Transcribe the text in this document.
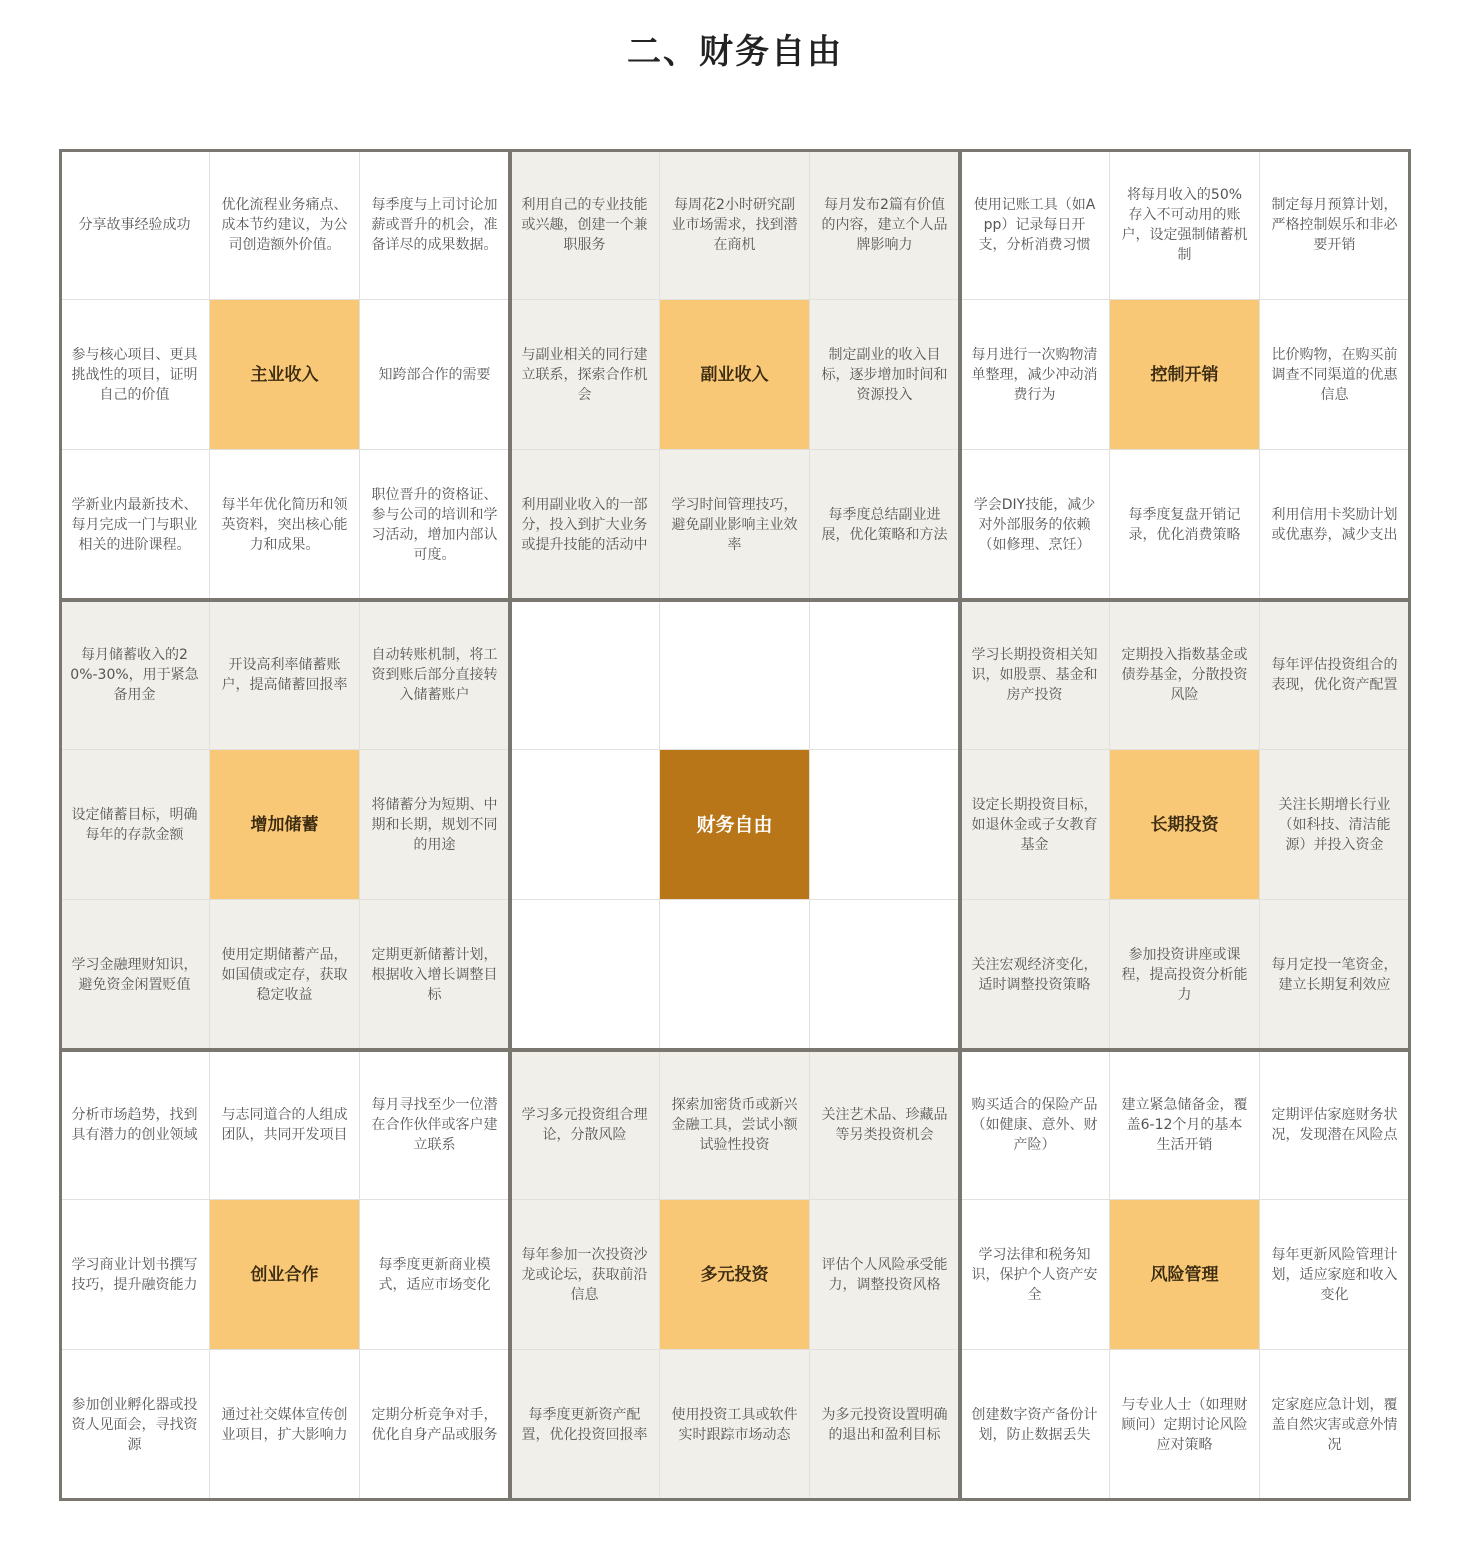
二、财务自由
主业收入
分享故事经验成功
优化流程业务痛点、成本节约建议，为公司创造额外价值。
每季度与上司讨论加薪或晋升的机会，准备详尽的成果数据。
参与核心项目、更具挑战性的项目，证明自己的价值
知跨部合作的需要
学新业内最新技术、每月完成一门与职业相关的进阶课程。
每半年优化简历和领英资料，突出核心能力和成果。
职位晋升的资格证、参与公司的培训和学习活动，增加内部认可度。
副业收入
利用自己的专业技能或兴趣，创建一个兼职服务
每周花2小时研究副业市场需求，找到潜在商机
每月发布2篇有价值的内容，建立个人品牌影响力
与副业相关的同行建立联系，探索合作机会
制定副业的收入目标，逐步增加时间和资源投入
利用副业收入的一部分，投入到扩大业务或提升技能的活动中
学习时间管理技巧，避免副业影响主业效率
每季度总结副业进展，优化策略和方法
控制开销
使用记账工具（如App）记录每日开支，分析消费习惯
将每月收入的50%存入不可动用的账户，设定强制储蓄机制
制定每月预算计划，严格控制娱乐和非必要开销
每月进行一次购物清单整理，减少冲动消费行为
比价购物，在购买前调查不同渠道的优惠信息
学会DIY技能，减少对外部服务的依赖（如修理、烹饪）
每季度复盘开销记录，优化消费策略
利用信用卡奖励计划或优惠券，减少支出
增加储蓄
每月储蓄收入的20%-30%，用于紧急备用金
开设高利率储蓄账户，提高储蓄回报率
自动转账机制，将工资到账后部分直接转入储蓄账户
设定储蓄目标，明确每年的存款金额
将储蓄分为短期、中期和长期，规划不同的用途
学习金融理财知识，避免资金闲置贬值
使用定期储蓄产品，如国债或定存，获取稳定收益
定期更新储蓄计划，根据收入增长调整目标
财务自由	长期投资
学习长期投资相关知识，如股票、基金和房产投资
定期投入指数基金或债券基金，分散投资风险
每年评估投资组合的表现，优化资产配置
设定长期投资目标，如退休金或子女教育基金
关注长期增长行业（如科技、清洁能源）并投入资金
关注宏观经济变化，适时调整投资策略
参加投资讲座或课程，提高投资分析能力
每月定投一笔资金，建立长期复利效应
创业合作
分析市场趋势，找到具有潜力的创业领域
与志同道合的人组成团队，共同开发项目
每月寻找至少一位潜在合作伙伴或客户建立联系
学习商业计划书撰写技巧，提升融资能力
每季度更新商业模式，适应市场变化
参加创业孵化器或投资人见面会，寻找资源
通过社交媒体宣传创业项目，扩大影响力
定期分析竞争对手，优化自身产品或服务
多元投资
学习多元投资组合理论，分散风险
探索加密货币或新兴金融工具，尝试小额试验性投资
关注艺术品、珍藏品等另类投资机会
每年参加一次投资沙龙或论坛，获取前沿信息
评估个人风险承受能力，调整投资风格
每季度更新资产配置，优化投资回报率
使用投资工具或软件实时跟踪市场动态
为多元投资设置明确的退出和盈利目标
风险管理
购买适合的保险产品（如健康、意外、财产险）
建立紧急储备金，覆盖6-12个月的基本生活开销
定期评估家庭财务状况，发现潜在风险点
学习法律和税务知识，保护个人资产安全
每年更新风险管理计划，适应家庭和收入变化
创建数字资产备份计划，防止数据丢失
与专业人士（如理财顾问）定期讨论风险应对策略
定家庭应急计划，覆盖自然灾害或意外情况
